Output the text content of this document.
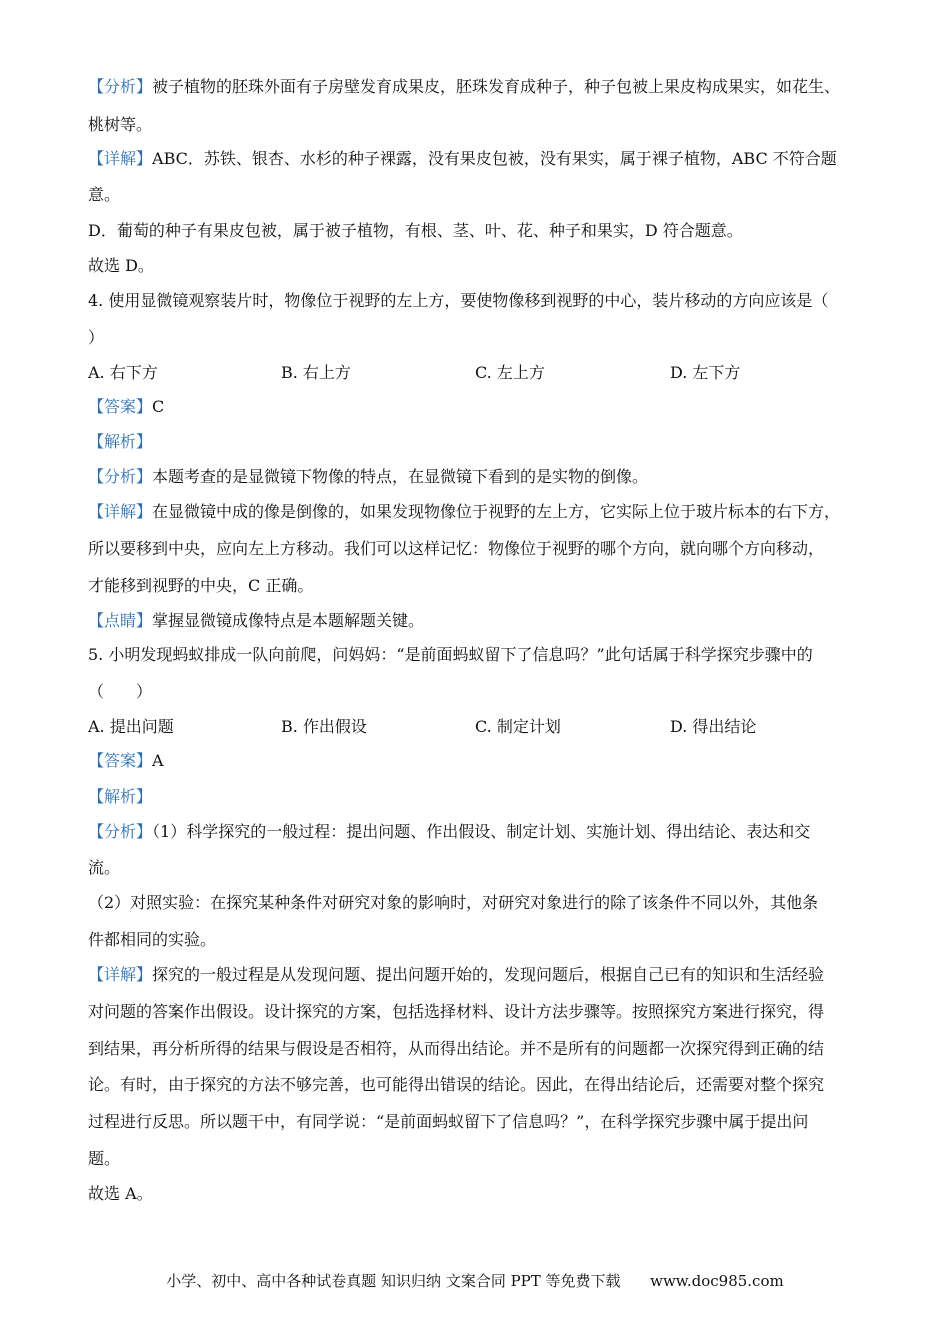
【分析】被子植物的胚珠外面有子房壁发育成果皮，胚珠发育成种子，种子包被上果皮构成果实，如花生、
桃树等。
【详解】ABC．苏铁、银杏、水杉的种子裸露，没有果皮包被，没有果实，属于裸子植物，ABC 不符合题
意。
D．葡萄的种子有果皮包被，属于被子植物，有根、茎、叶、花、种子和果实，D 符合题意。
故选 D。
4. 使用显微镜观察装片时，物像位于视野的左上方，要使物像移到视野的中心，装片移动的方向应该是（
）
A. 右下方	B. 右上方	C. 左上方	D. 左下方
【答案】C
【解析】
【分析】本题考查的是显微镜下物像的特点，在显微镜下看到的是实物的倒像。
【详解】在显微镜中成的像是倒像的，如果发现物像位于视野的左上方，它实际上位于玻片标本的右下方，
所以要移到中央，应向左上方移动。我们可以这样记忆：物像位于视野的哪个方向，就向哪个方向移动，
才能移到视野的中央，C 正确。
【点睛】掌握显微镜成像特点是本题解题关键。
5. 小明发现蚂蚁排成一队向前爬，问妈妈：“是前面蚂蚁留下了信息吗？”此句话属于科学探究步骤中的
（　　）
A. 提出问题	B. 作出假设	C. 制定计划	D. 得出结论
【答案】A
【解析】
【分析】（1）科学探究的一般过程：提出问题、作出假设、制定计划、实施计划、得出结论、表达和交
流。
（2）对照实验：在探究某种条件对研究对象的影响时，对研究对象进行的除了该条件不同以外，其他条
件都相同的实验。
【详解】探究的一般过程是从发现问题、提出问题开始的，发现问题后，根据自己已有的知识和生活经验
对问题的答案作出假设。设计探究的方案，包括选择材料、设计方法步骤等。按照探究方案进行探究，得
到结果，再分析所得的结果与假设是否相符，从而得出结论。并不是所有的问题都一次探究得到正确的结
论。有时，由于探究的方法不够完善，也可能得出错误的结论。因此，在得出结论后，还需要对整个探究
过程进行反思。所以题干中，有同学说：“是前面蚂蚁留下了信息吗？”，在科学探究步骤中属于提出问
题。
故选 A。
小学、初中、高中各种试卷真题 知识归纳 文案合同 PPT 等免费下载 www.doc985.com
